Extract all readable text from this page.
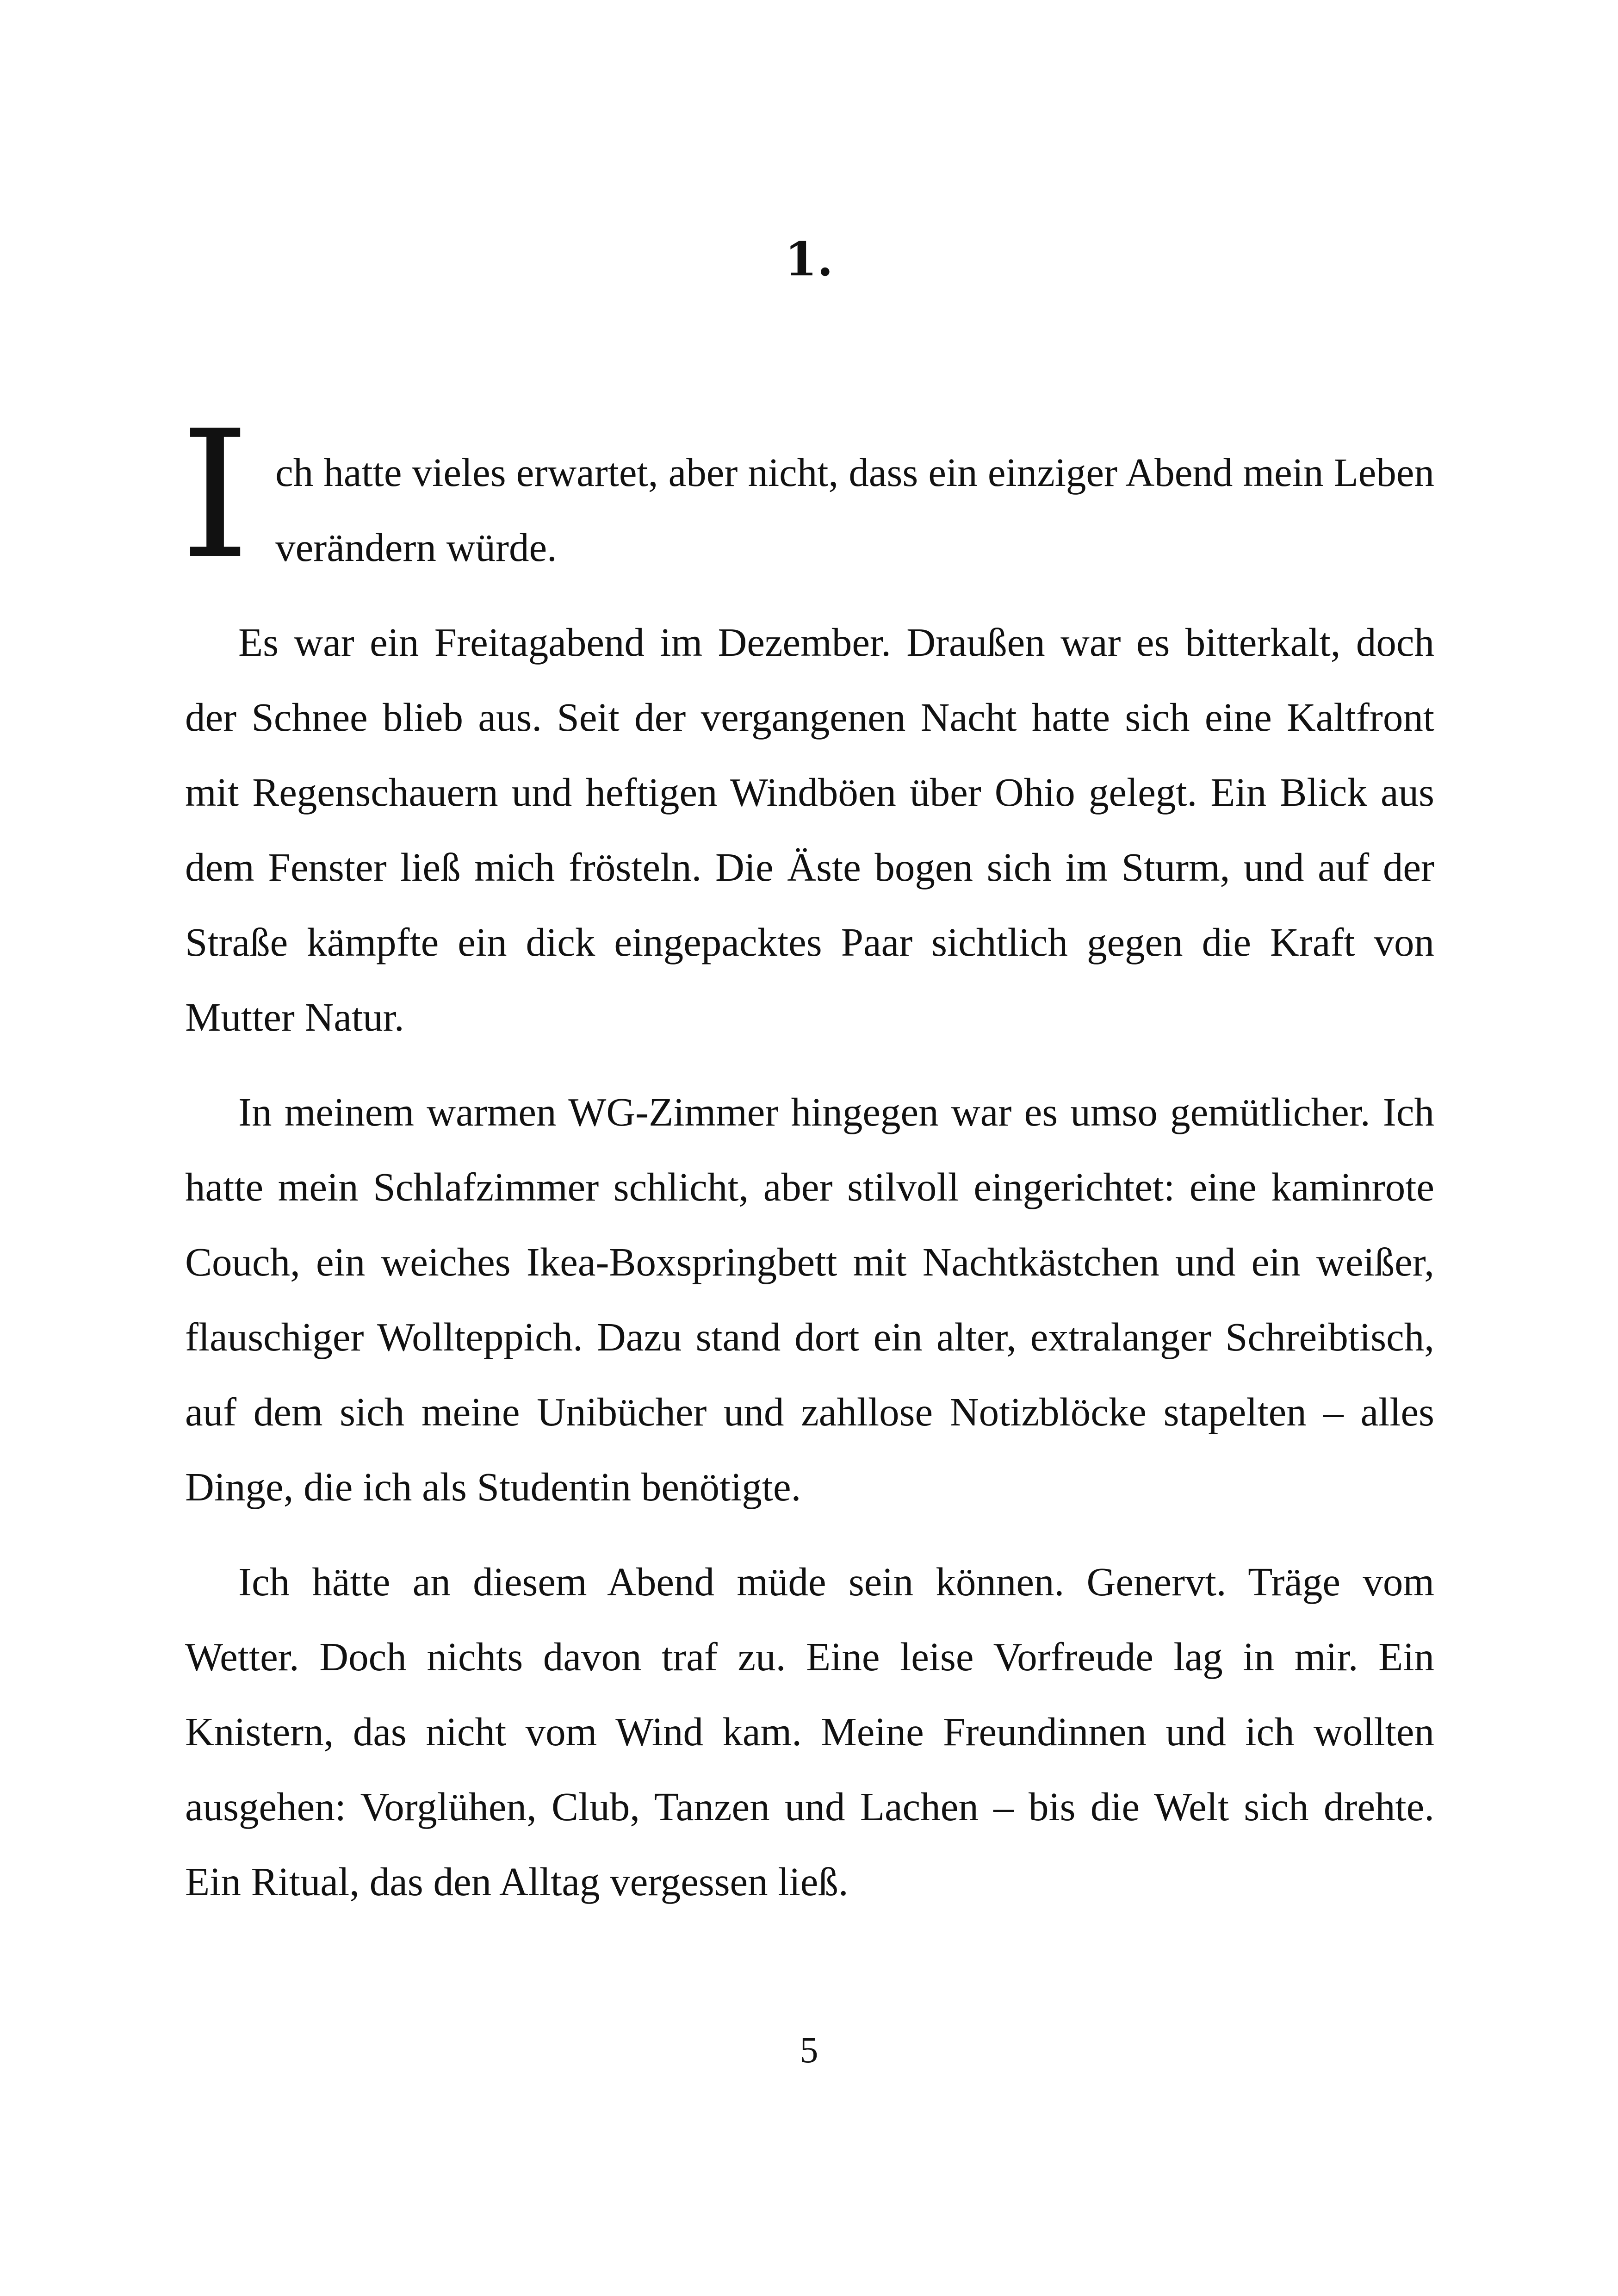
1.

Ich hatte vieles erwartet, aber nicht, dass ein einziger Abend mein Leben verändern würde.

Es war ein Freitagabend im Dezember. Draußen war es bitterkalt, doch der Schnee blieb aus. Seit der vergangenen Nacht hatte sich eine Kaltfront mit Regenschauern und heftigen Windböen über Ohio gelegt. Ein Blick aus dem Fenster ließ mich frösteln. Die Äste bogen sich im Sturm, und auf der Straße kämpfte ein dick eingepacktes Paar sichtlich gegen die Kraft von Mutter Natur.

In meinem warmen WG-Zimmer hingegen war es umso gemütlicher. Ich hatte mein Schlafzimmer schlicht, aber stilvoll eingerichtet: eine kaminrote Couch, ein weiches Ikea-Boxspringbett mit Nachtkästchen und ein weißer, flauschiger Wollteppich. Dazu stand dort ein alter, extralanger Schreibtisch, auf dem sich meine Unibücher und zahllose Notizblöcke stapelten – alles Dinge, die ich als Studentin benötigte.

Ich hätte an diesem Abend müde sein können. Genervt. Träge vom Wetter. Doch nichts davon traf zu. Eine leise Vorfreude lag in mir. Ein Knistern, das nicht vom Wind kam. Meine Freundinnen und ich wollten ausgehen: Vorglühen, Club, Tanzen und Lachen – bis die Welt sich drehte. Ein Ritual, das den Alltag vergessen ließ.

5
